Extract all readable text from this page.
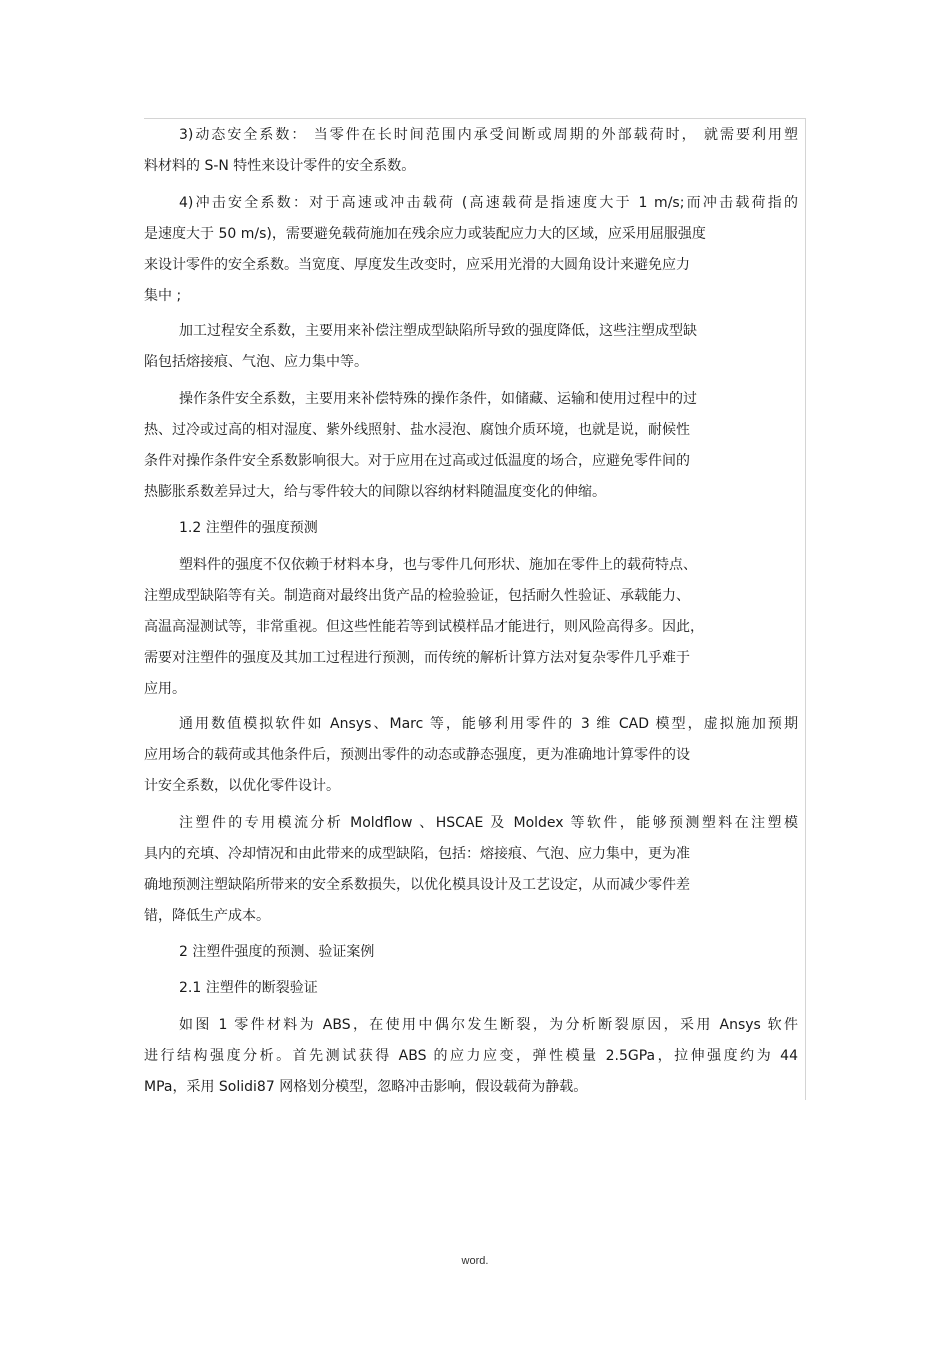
3)动态安全系数： 当零件在长时间范围内承受间断或周期的外部载荷时， 就需要利用塑

料材料的 S-N 特性来设计零件的安全系数。

4)冲击安全系数：对于高速或冲击载荷 (高速载荷是指速度大于 1 m/s;而冲击载荷指的

是速度大于 50 m/s)，需要避免载荷施加在残余应力或装配应力大的区域，应采用屈服强度

来设计零件的安全系数。当宽度、厚度发生改变时，应采用光滑的大圆角设计来避免应力

集中 ;

加工过程安全系数，主要用来补偿注塑成型缺陷所导致的强度降低，这些注塑成型缺

陷包括熔接痕、气泡、应力集中等。

操作条件安全系数，主要用来补偿特殊的操作条件，如储藏、运输和使用过程中的过

热、过冷或过高的相对湿度、紫外线照射、盐水浸泡、腐蚀介质环境，也就是说，耐候性

条件对操作条件安全系数影响很大。对于应用在过高或过低温度的场合，应避免零件间的

热膨胀系数差异过大，给与零件较大的间隙以容纳材料随温度变化的伸缩。

1.2 注塑件的强度预测

塑料件的强度不仅依赖于材料本身，也与零件几何形状、施加在零件上的载荷特点、

注塑成型缺陷等有关。制造商对最终出货产品的检验验证，包括耐久性验证、承载能力、

高温高湿测试等，非常重视。但这些性能若等到试模样品才能进行，则风险高得多。因此，

需要对注塑件的强度及其加工过程进行预测，而传统的解析计算方法对复杂零件几乎难于

应用。

通用数值模拟软件如 Ansys、Marc 等，能够利用零件的 3 维 CAD 模型，虚拟施加预期

应用场合的载荷或其他条件后，预测出零件的动态或静态强度，更为准确地计算零件的设

计安全系数，以优化零件设计。

注塑件的专用模流分析 Moldflow 、HSCAE 及 Moldex 等软件，能够预测塑料在注塑模

具内的充填、冷却情况和由此带来的成型缺陷，包括：熔接痕、气泡、应力集中，更为准

确地预测注塑缺陷所带来的安全系数损失，以优化模具设计及工艺设定，从而减少零件差

错，降低生产成本。

2 注塑件强度的预测、验证案例

2.1 注塑件的断裂验证

如图 1 零件材料为 ABS，在使用中偶尔发生断裂，为分析断裂原因，采用 Ansys 软件

进行结构强度分析。首先测试获得 ABS 的应力应变，弹性模量 2.5GPa，拉伸强度约为 44

MPa，采用 Solidi87 网格划分模型，忽略冲击影响，假设载荷为静载。

word.
